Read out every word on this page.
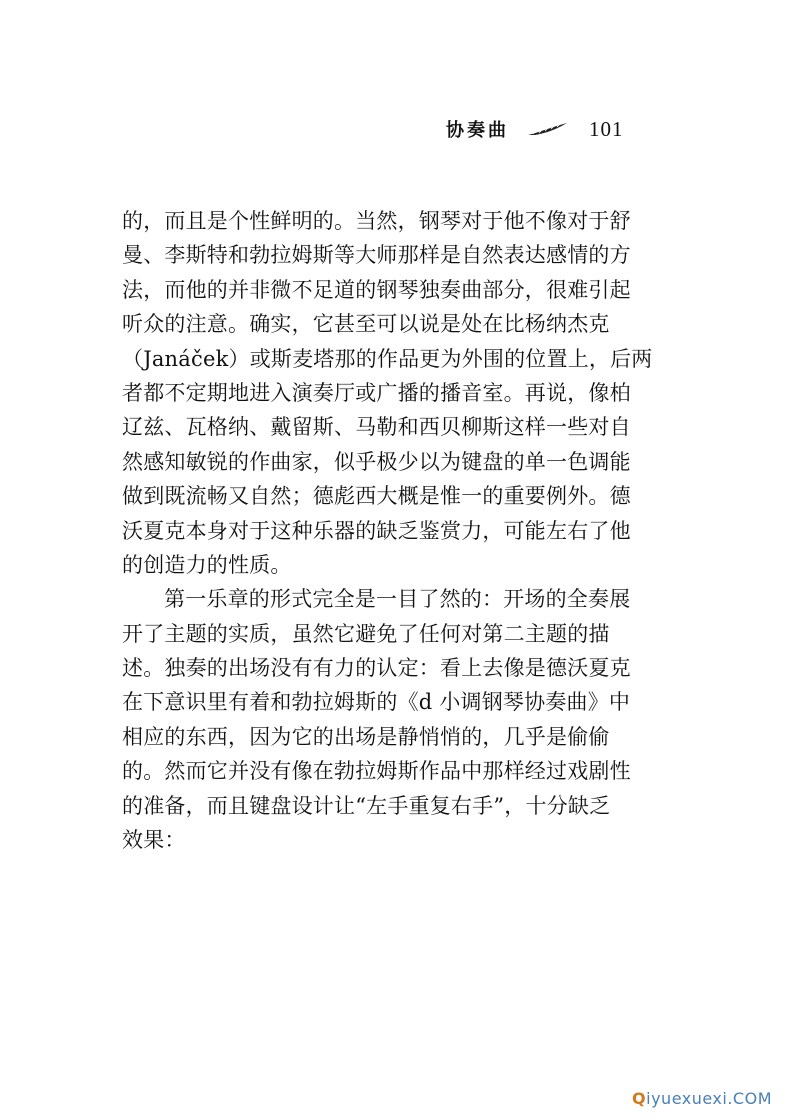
协奏曲	101
的，而且是个性鲜明的。当然，钢琴对于他不像对于舒
曼、李斯特和勃拉姆斯等大师那样是自然表达感情的方
法，而他的并非微不足道的钢琴独奏曲部分，很难引起
听众的注意。确实，它甚至可以说是处在比杨纳杰克
（Janáček）或斯麦塔那的作品更为外围的位置上，后两
者都不定期地进入演奏厅或广播的播音室。再说，像柏
辽兹、瓦格纳、戴留斯、马勒和西贝柳斯这样一些对自
然感知敏锐的作曲家，似乎极少以为键盘的单一色调能
做到既流畅又自然；德彪西大概是惟一的重要例外。德
沃夏克本身对于这种乐器的缺乏鉴赏力，可能左右了他
的创造力的性质。
第一乐章的形式完全是一目了然的：开场的全奏展
开了主题的实质，虽然它避免了任何对第二主题的描
述。独奏的出场没有有力的认定：看上去像是德沃夏克
在下意识里有着和勃拉姆斯的《d 小调钢琴协奏曲》中
相应的东西，因为它的出场是静悄悄的，几乎是偷偷
的。然而它并没有像在勃拉姆斯作品中那样经过戏剧性
的准备，而且键盘设计让“左手重复右手”，十分缺乏
效果：
Qiyuexuexi.COM
